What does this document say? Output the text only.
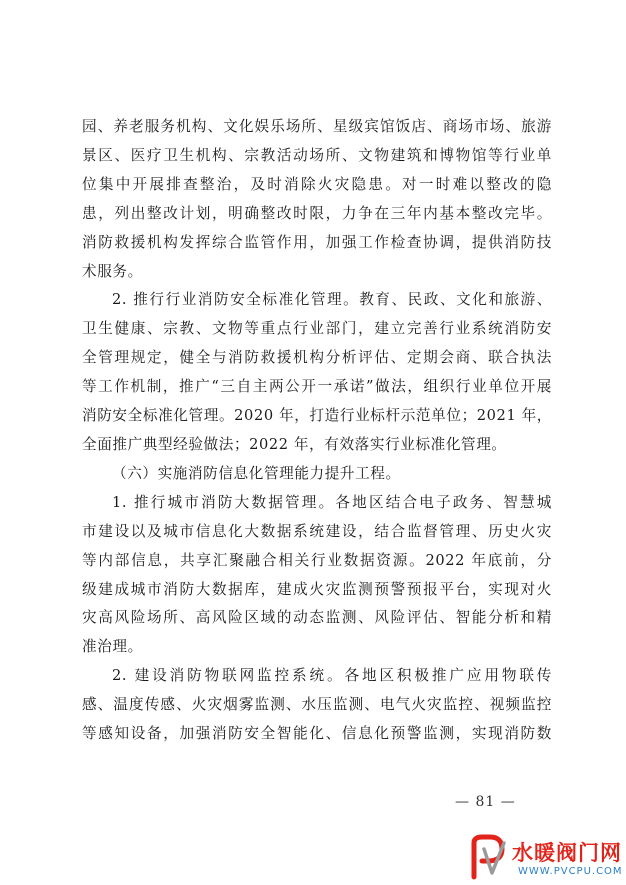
园、养老服务机构、文化娱乐场所、星级宾馆饭店、商场市场、旅游
景区、医疗卫生机构、宗教活动场所、文物建筑和博物馆等行业单
位集中开展排查整治，及时消除火灾隐患。对一时难以整改的隐
患，列出整改计划，明确整改时限，力争在三年内基本整改完毕。
消防救援机构发挥综合监管作用，加强工作检查协调，提供消防技
术服务。
2. 推行行业消防安全标准化管理。教育、民政、文化和旅游、
卫生健康、宗教、文物等重点行业部门，建立完善行业系统消防安
全管理规定，健全与消防救援机构分析评估、定期会商、联合执法
等工作机制，推广“三自主两公开一承诺”做法，组织行业单位开展
消防安全标准化管理。2020 年，打造行业标杆示范单位；2021 年，
全面推广典型经验做法；2022 年，有效落实行业标准化管理。
（六）实施消防信息化管理能力提升工程。
1. 推行城市消防大数据管理。各地区结合电子政务、智慧城
市建设以及城市信息化大数据系统建设，结合监督管理、历史火灾
等内部信息，共享汇聚融合相关行业数据资源。2022 年底前，分
级建成城市消防大数据库，建成火灾监测预警预报平台，实现对火
灾高风险场所、高风险区域的动态监测、风险评估、智能分析和精
准治理。
2. 建设消防物联网监控系统。各地区积极推广应用物联传
感、温度传感、火灾烟雾监测、水压监测、电气火灾监控、视频监控
等感知设备，加强消防安全智能化、信息化预警监测，实现消防数
— 81 —
水暖阀门网
WWW.PVCPU.COM
